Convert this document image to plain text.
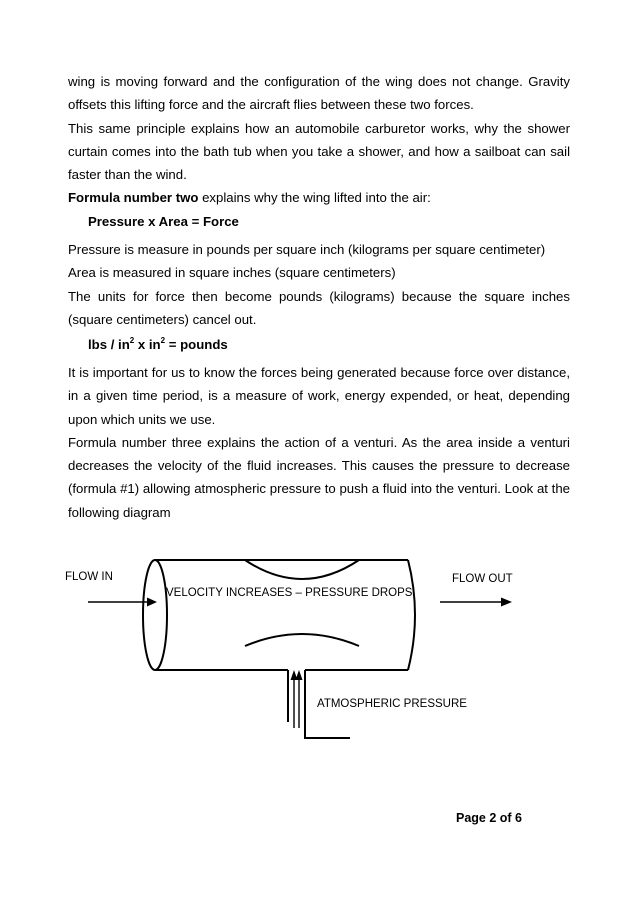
wing is moving forward and the configuration of the wing does not change. Gravity offsets this lifting force and the aircraft flies between these two forces.

This same principle explains how an automobile carburetor works, why the shower curtain comes into the bath tub when you take a shower, and how a sailboat can sail faster than the wind.

Formula number two explains why the wing lifted into the air:

Pressure x Area = Force

Pressure is measure in pounds per square inch (kilograms per square centimeter)

Area is measured in square inches (square centimeters)

The units for force then become pounds (kilograms) because the square inches (square centimeters) cancel out.

lbs / $in^2$ x $in^2$ = pounds

It is important for us to know the forces being generated because force over distance, in a given time period, is a measure of work, energy expended, or heat, depending upon which units we use.

Formula number three explains the action of a venturi. As the area inside a venturi decreases the velocity of the fluid increases. This causes the pressure to decrease (formula #1) allowing atmospheric pressure to push a fluid into the venturi. Look at the following diagram

FLOW IN	FLOW OUT
VELOCITY INCREASES – PRESSURE DROPS
ATMOSPHERIC PRESSURE
Page 2 of 6
